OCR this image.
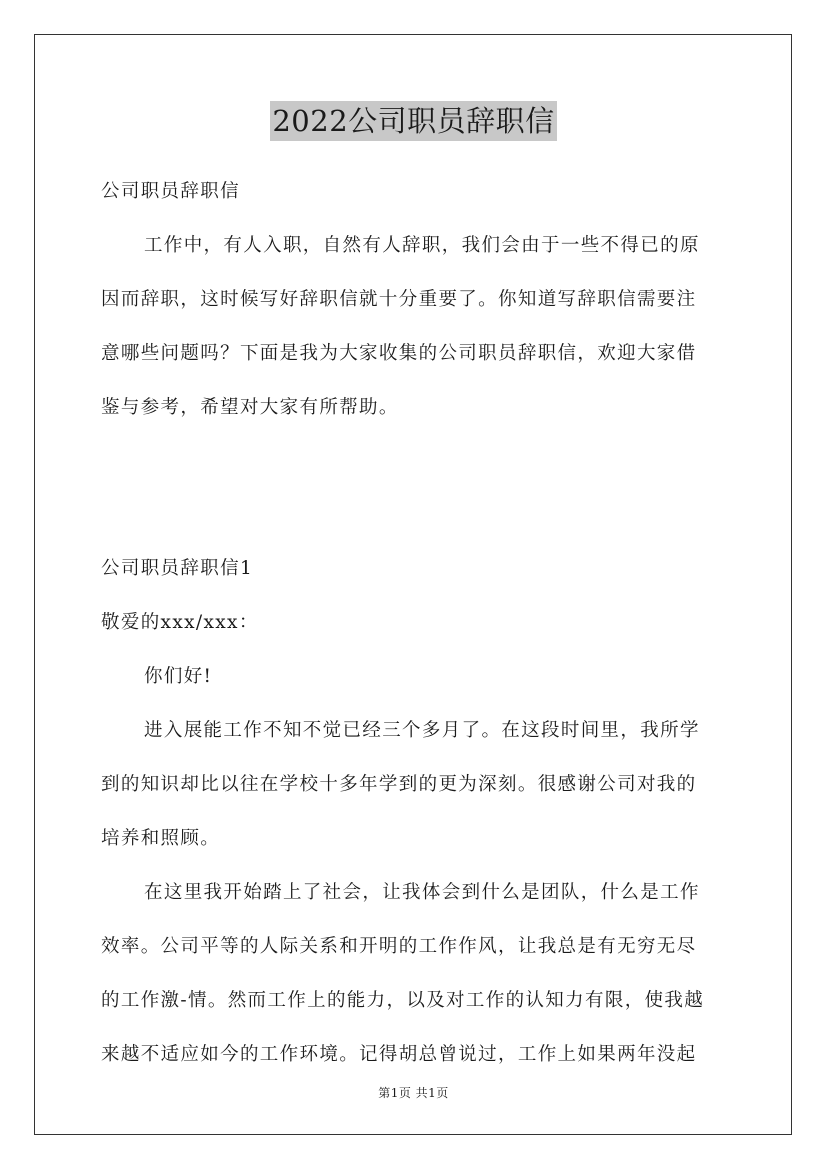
2022公司职员辞职信
公司职员辞职信
工作中，有人入职，自然有人辞职，我们会由于一些不得已的原
因而辞职，这时候写好辞职信就十分重要了。你知道写辞职信需要注
意哪些问题吗？下面是我为大家收集的公司职员辞职信，欢迎大家借
鉴与参考，希望对大家有所帮助。
公司职员辞职信1
敬爱的xxx/xxx：
你们好!
进入展能工作不知不觉已经三个多月了。在这段时间里，我所学
到的知识却比以往在学校十多年学到的更为深刻。很感谢公司对我的
培养和照顾。
在这里我开始踏上了社会，让我体会到什么是团队，什么是工作
效率。公司平等的人际关系和开明的工作作风，让我总是有无穷无尽
的工作激-情。然而工作上的能力，以及对工作的认知力有限，使我越
来越不适应如今的工作环境。记得胡总曾说过，工作上如果两年没起
第1页 共1页
